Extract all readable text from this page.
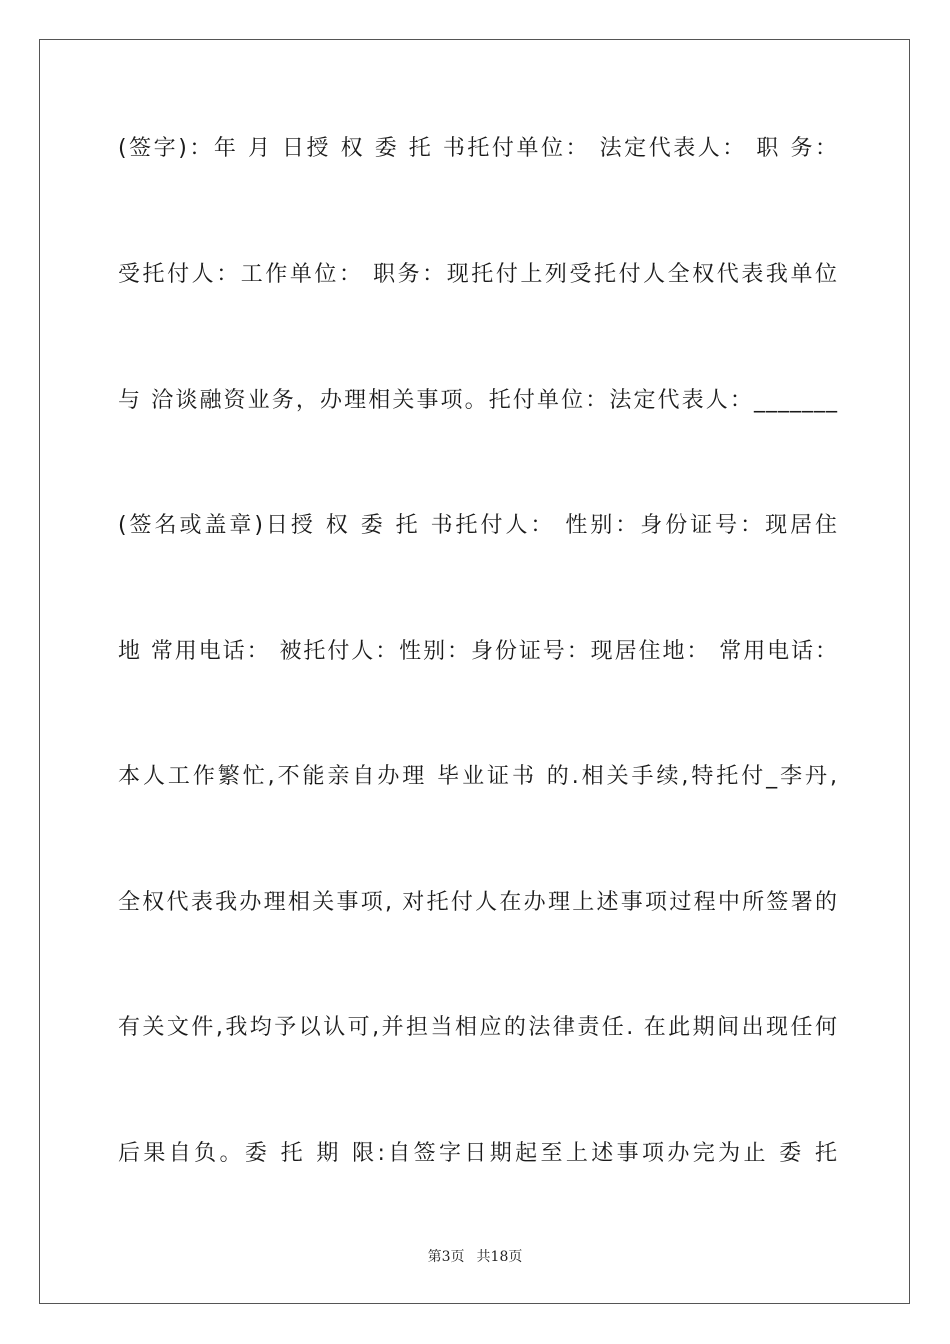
(签字)：年 月 日授 权 委 托 书托付单位： 法定代表人： 职 务：
受托付人：工作单位： 职务：现托付上列受托付人全权代表我单位
与 洽谈融资业务，办理相关事项。托付单位：法定代表人：_______
(签名或盖章)日授 权 委 托 书托付人： 性别：身份证号：现居住
地 常用电话： 被托付人：性别：身份证号：现居住地： 常用电话：
本人工作繁忙,不能亲自办理 毕业证书 的.相关手续,特托付_李丹,
全权代表我办理相关事项, 对托付人在办理上述事项过程中所签署的
有关文件,我均予以认可,并担当相应的法律责任. 在此期间出现任何
后果自负。委 托 期 限:自签字日期起至上述事项办完为止 委 托
第3页 共18页
